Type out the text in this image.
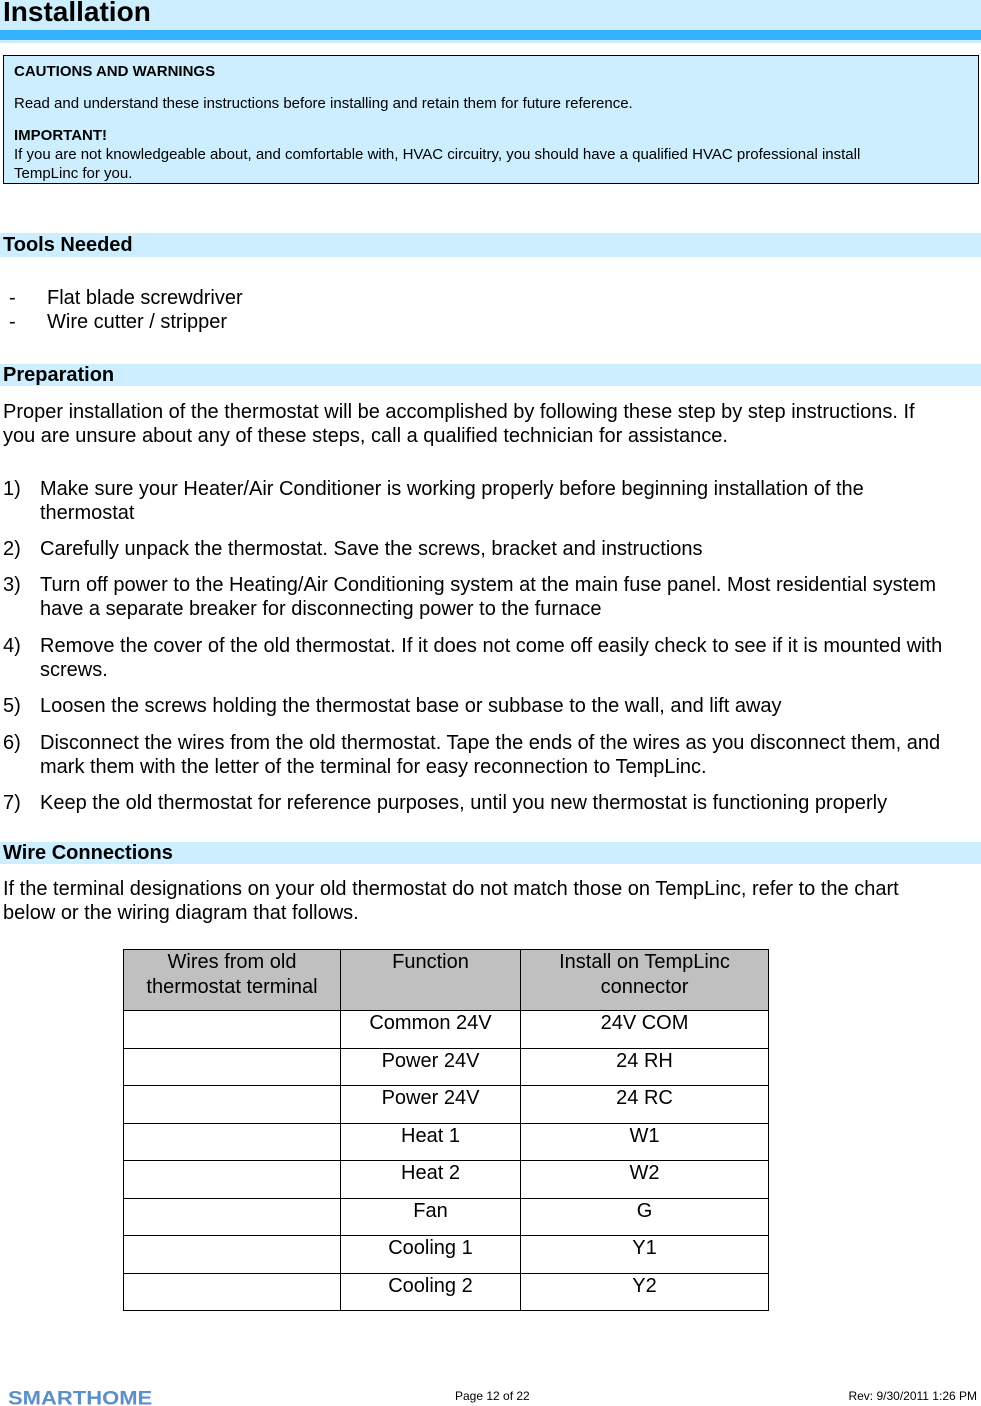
Installation
CAUTIONS AND WARNINGS
Read and understand these instructions before installing and retain them for future reference.
IMPORTANT!
If you are not knowledgeable about, and comfortable with, HVAC circuitry, you should have a qualified HVAC professional install
TempLinc for you.
Tools Needed
- Flat blade screwdriver
- Wire cutter / stripper
Preparation
Proper installation of the thermostat will be accomplished by following these step by step instructions. If
you are unsure about any of these steps, call a qualified technician for assistance.
1) Make sure your Heater/Air Conditioner is working properly before beginning installation of the thermostat
2) Carefully unpack the thermostat. Save the screws, bracket and instructions
3) Turn off power to the Heating/Air Conditioning system at the main fuse panel. Most residential system have a separate breaker for disconnecting power to the furnace
4) Remove the cover of the old thermostat. If it does not come off easily check to see if it is mounted with screws.
5) Loosen the screws holding the thermostat base or subbase to the wall, and lift away
6) Disconnect the wires from the old thermostat. Tape the ends of the wires as you disconnect them, and mark them with the letter of the terminal for easy reconnection to TempLinc.
7) Keep the old thermostat for reference purposes, until you new thermostat is functioning properly
Wire Connections
If the terminal designations on your old thermostat do not match those on TempLinc, refer to the chart
below or the wiring diagram that follows.
Wires from old thermostat terminal	Function	Install on TempLinc connector
	Common 24V	24V COM
	Power 24V	24 RH
	Power 24V	24 RC
	Heat 1	W1
	Heat 2	W2
	Fan	G
	Cooling 1	Y1
	Cooling 2	Y2
SMARTHOME	Page 12 of 22	Rev: 9/30/2011 1:26 PM
